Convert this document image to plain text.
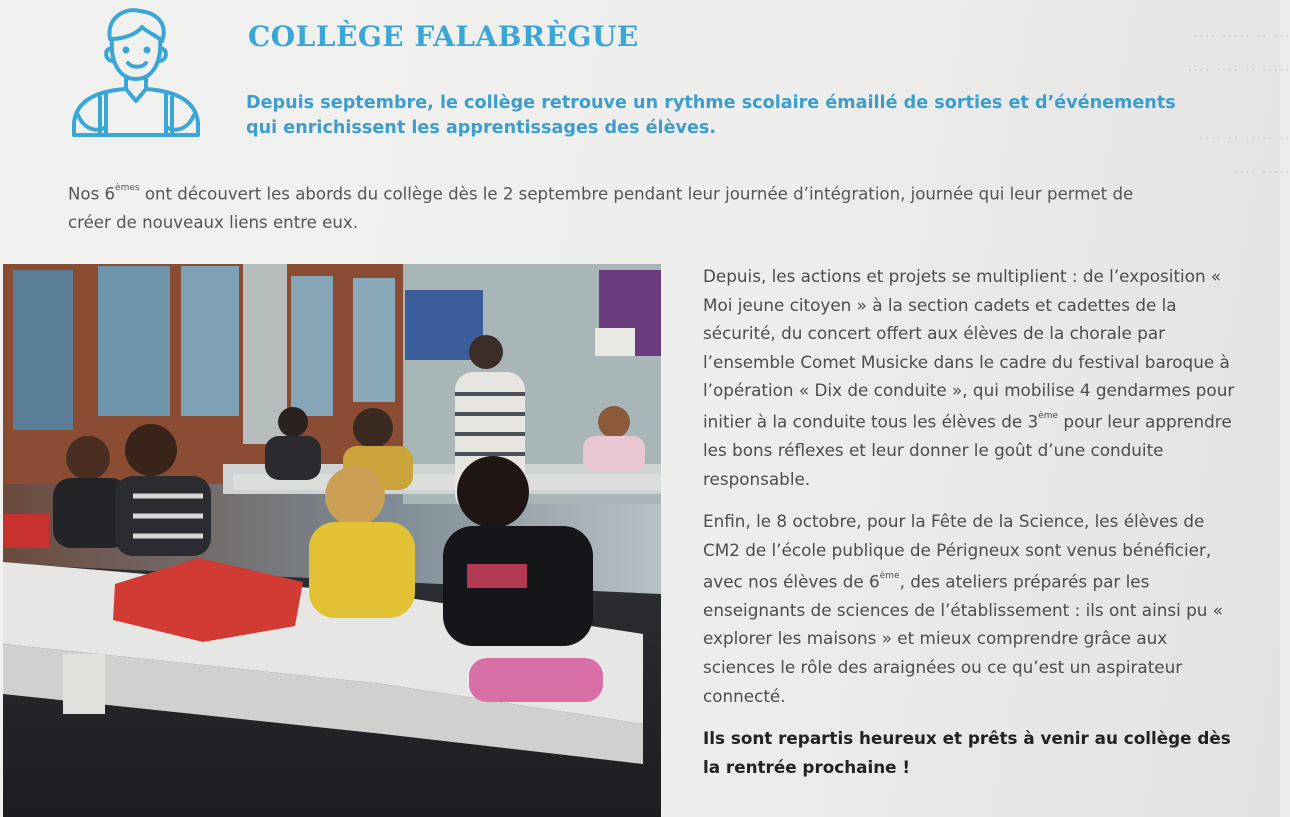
··· ·· ····· ····
····· ·· ···· ····

·· ····· ·· ····
····· ····
COLLÈGE FALABRÈGUE

Depuis septembre, le collège retrouve un rythme scolaire émaillé de sorties et d’événements qui enrichissent les apprentissages des élèves.

Nos 6èmes ont découvert les abords du collège dès le 2 septembre pendant leur journée d’intégration, journée qui leur permet de créer de nouveaux liens entre eux.

Depuis, les actions et projets se multiplient : de l’exposition « Moi jeune citoyen » à la section cadets et cadettes de la sécurité, du concert offert aux élèves de la chorale par l’ensemble Comet Musicke dans le cadre du festival baroque à l’opération « Dix de conduite », qui mobilise 4 gendarmes pour initier à la conduite tous les élèves de 3ème pour leur apprendre les bons réflexes et leur donner le goût d’une conduite responsable.

Enfin, le 8 octobre, pour la Fête de la Science, les élèves de CM2 de l’école publique de Périgneux sont venus bénéficier, avec nos élèves de 6ème, des ateliers préparés par les enseignants de sciences de l’établissement : ils ont ainsi pu « explorer les maisons » et mieux comprendre grâce aux sciences le rôle des araignées ou ce qu’est un aspirateur connecté.

Ils sont repartis heureux et prêts à venir au collège dès la rentrée prochaine !
